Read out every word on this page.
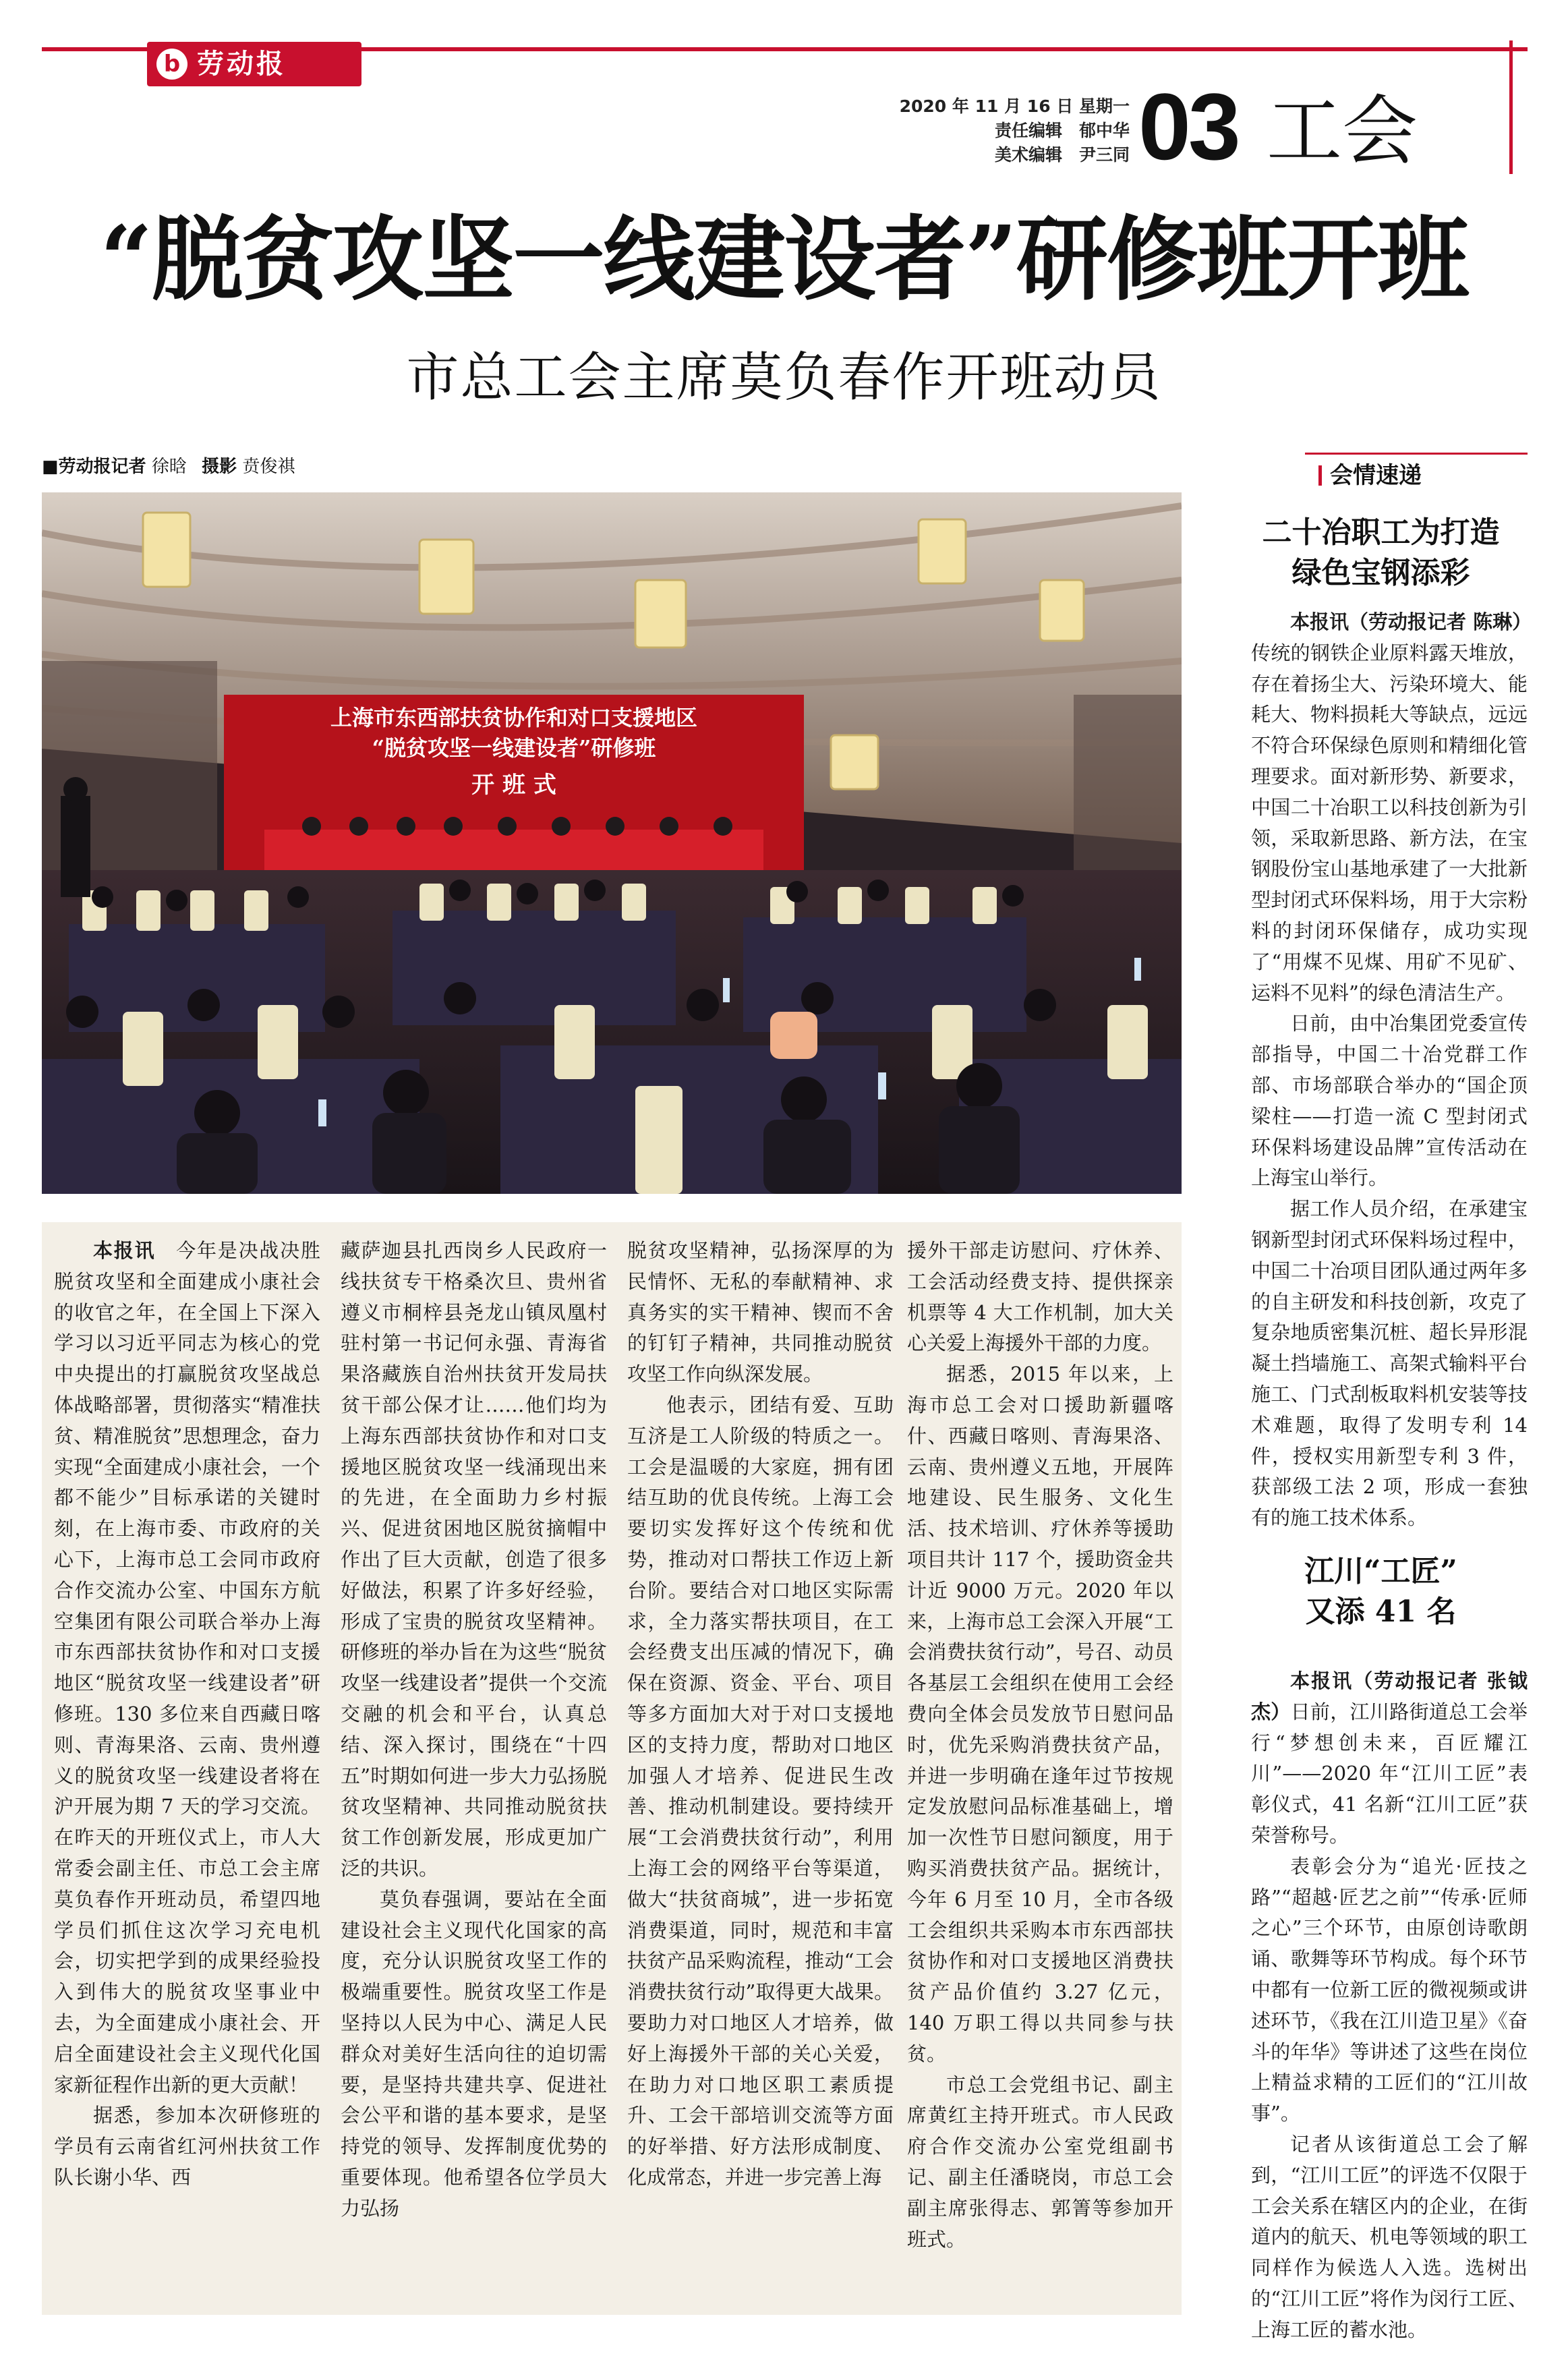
b 劳动报
2020 年 11 月 16 日 星期一
责任编辑　郁中华
美术编辑　尹三同 03 工会
“脱贫攻坚一线建设者”研修班开班
市总工会主席莫负春作开班动员
■劳动报记者 徐晗 摄影 贲俊祺
上海市东西部扶贫协作和对口支援地区
“脱贫攻坚一线建设者”研修班
开 班 式

本报讯　 今年是决战决胜脱贫攻坚和全面建成小康社会的收官之年，在全国上下深入学习以习近平同志为核心的党中央提出的打赢脱贫攻坚战总体战略部署，贯彻落实“精准扶贫、精准脱贫”思想理念，奋力实现“全面建成小康社会，一个都不能少”目标承诺的关键时刻，在上海市委、市政府的关心下，上海市总工会同市政府合作交流办公室、中国东方航空集团有限公司联合举办上海市东西部扶贫协作和对口支援地区“脱贫攻坚一线建设者”研修班。130 多位来自西藏日喀则、青海果洛、云南、贵州遵义的脱贫攻坚一线建设者将在沪开展为期 7 天的学习交流。在昨天的开班仪式上，市人大常委会副主任、市总工会主席莫负春作开班动员，希望四地学员们抓住这次学习充电机会，切实把学到的成果经验投入到伟大的脱贫攻坚事业中去，为全面建成小康社会、开启全面建设社会主义现代化国家新征程作出新的更大贡献！

据悉，参加本次研修班的学员有云南省红河州扶贫工作队长谢小华、西

藏萨迦县扎西岗乡人民政府一线扶贫专干格桑次旦、贵州省遵义市桐梓县尧龙山镇凤凰村驻村第一书记何永强、青海省果洛藏族自治州扶贫开发局扶贫干部公保才让……他们均为上海东西部扶贫协作和对口支援地区脱贫攻坚一线涌现出来的先进，在全面助力乡村振兴、促进贫困地区脱贫摘帽中作出了巨大贡献，创造了很多好做法，积累了许多好经验，形成了宝贵的脱贫攻坚精神。研修班的举办旨在为这些“脱贫攻坚一线建设者”提供一个交流交融的机会和平台，认真总结、深入探讨，围绕在“十四五”时期如何进一步大力弘扬脱贫攻坚精神、共同推动脱贫扶贫工作创新发展，形成更加广泛的共识。

莫负春强调，要站在全面建设社会主义现代化国家的高度，充分认识脱贫攻坚工作的极端重要性。脱贫攻坚工作是坚持以人民为中心、满足人民群众对美好生活向往的迫切需要，是坚持共建共享、促进社会公平和谐的基本要求，是坚持党的领导、发挥制度优势的重要体现。他希望各位学员大力弘扬

脱贫攻坚精神，弘扬深厚的为民情怀、无私的奉献精神、求真务实的实干精神、锲而不舍的钉钉子精神，共同推动脱贫攻坚工作向纵深发展。

他表示，团结有爱、互助互济是工人阶级的特质之一。工会是温暖的大家庭，拥有团结互助的优良传统。上海工会要切实发挥好这个传统和优势，推动对口帮扶工作迈上新台阶。要结合对口地区实际需求，全力落实帮扶项目，在工会经费支出压减的情况下，确保在资源、资金、平台、项目等多方面加大对于对口支援地区的支持力度，帮助对口地区加强人才培养、促进民生改善、推动机制建设。要持续开展“工会消费扶贫行动”，利用上海工会的网络平台等渠道，做大“扶贫商城”，进一步拓宽消费渠道，同时，规范和丰富扶贫产品采购流程，推动“工会消费扶贫行动”取得更大战果。要助力对口地区人才培养，做好上海援外干部的关心关爱，在助力对口地区职工素质提升、工会干部培训交流等方面的好举措、好方法形成制度、化成常态，并进一步完善上海

援外干部走访慰问、疗休养、工会活动经费支持、提供探亲机票等 4 大工作机制，加大关心关爱上海援外干部的力度。

据悉，2015 年以来，上海市总工会对口援助新疆喀什、西藏日喀则、青海果洛、云南、贵州遵义五地，开展阵地建设、民生服务、文化生活、技术培训、疗休养等援助项目共计 117 个，援助资金共计近 9000 万元。2020 年以来，上海市总工会深入开展“工会消费扶贫行动”，号召、动员各基层工会组织在使用工会经费向全体会员发放节日慰问品时，优先采购消费扶贫产品，并进一步明确在逢年过节按规定发放慰问品标准基础上，增加一次性节日慰问额度，用于购买消费扶贫产品。据统计，今年 6 月至 10 月，全市各级工会组织共采购本市东西部扶贫协作和对口支援地区消费扶贫产品价值约 3.27 亿元，140 万职工得以共同参与扶贫。

市总工会党组书记、副主席黄红主持开班式。市人民政府合作交流办公室党组副书记、副主任潘晓岗，市总工会副主席张得志、郭箐等参加开班式。

会情速递
二十冶职工为打造
绿色宝钢添彩

本报讯（劳动报记者 陈琳）传统的钢铁企业原料露天堆放，存在着扬尘大、污染环境大、能耗大、物料损耗大等缺点，远远不符合环保绿色原则和精细化管理要求。面对新形势、新要求，中国二十冶职工以科技创新为引领，采取新思路、新方法，在宝钢股份宝山基地承建了一大批新型封闭式环保料场，用于大宗粉料的封闭环保储存，成功实现了“用煤不见煤、用矿不见矿、运料不见料”的绿色清洁生产。

日前，由中冶集团党委宣传部指导，中国二十冶党群工作部、市场部联合举办的“国企顶梁柱——打造一流 C 型封闭式环保料场建设品牌”宣传活动在上海宝山举行。

据工作人员介绍，在承建宝钢新型封闭式环保料场过程中，中国二十冶项目团队通过两年多的自主研发和科技创新，攻克了复杂地质密集沉桩、超长异形混凝土挡墙施工、高架式输料平台施工、门式刮板取料机安装等技术难题，取得了发明专利 14 件，授权实用新型专利 3 件，获部级工法 2 项，形成一套独有的施工技术体系。

江川“工匠”
又添 41 名

本报讯（劳动报记者 张钺杰）日前，江川路街道总工会举行“梦想创未来，百匠耀江川”——2020 年“江川工匠”表彰仪式，41 名新“江川工匠”获荣誉称号。

表彰会分为“追光·匠技之路”“超越·匠艺之前”“传承·匠师之心”三个环节，由原创诗歌朗诵、歌舞等环节构成。每个环节中都有一位新工匠的微视频或讲述环节，《我在江川造卫星》《奋斗的年华》等讲述了这些在岗位上精益求精的工匠们的“江川故事”。

记者从该街道总工会了解到，“江川工匠”的评选不仅限于工会关系在辖区内的企业，在街道内的航天、机电等领域的职工同样作为候选人入选。选树出的“江川工匠”将作为闵行工匠、上海工匠的蓄水池。
